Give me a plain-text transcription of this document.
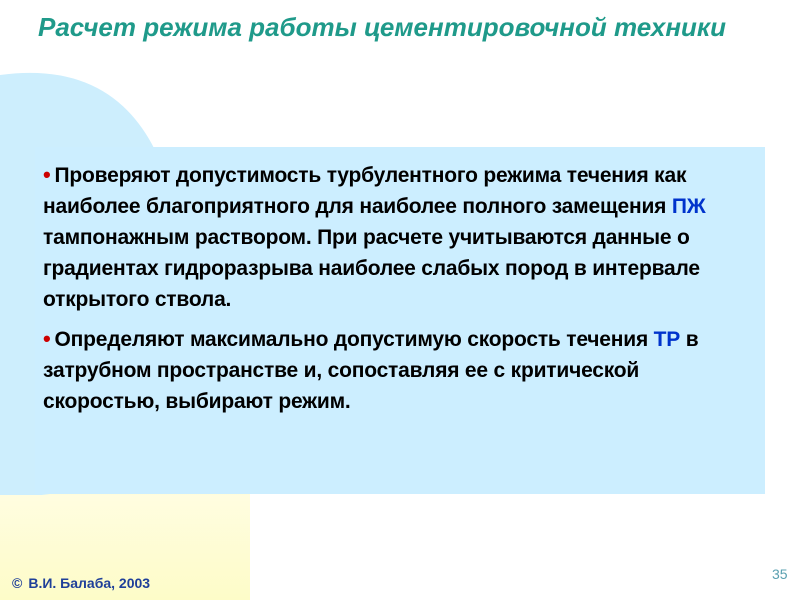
Расчет режима работы цементировочной техники

• Проверяют допустимость турбулентного режима течения как наиболее благоприятного для наиболее полного замещения ПЖ тампонажным раствором. При расчете учитываются данные о градиентах гидроразрыва наиболее слабых пород в интервале открытого ствола.

• Определяют максимально допустимую скорость течения ТР в затрубном пространстве и, сопоставляя ее с критической скоростью, выбирают режим.

© В.И. Балаба, 2003
35
